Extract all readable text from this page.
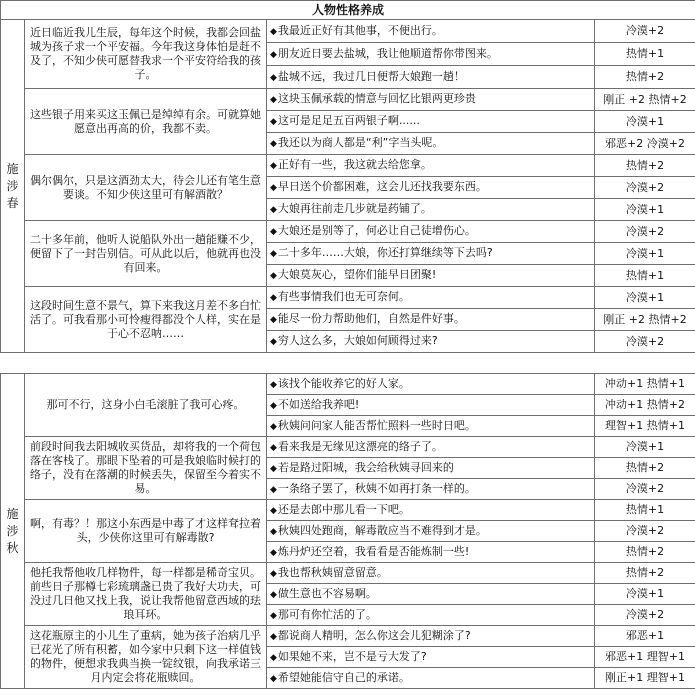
人物性格养成			
施涉春	近日临近我儿生辰，每年这个时候，我都会回盐城为孩子求一个平安福。今年我这身体怕是赶不及了，不知少侠可愿替我求一个平安符给我的孩子。	◆我最近正好有其他事，不便出行。	冷漠+2
		◆朋友近日要去盐城，我让他顺道帮你带图来。	热情+1
		◆盐城不远，我过几日便帮大娘跑一趟！	热情+2
	这些银子用来买这玉佩已是绰绰有余。可就算她愿意出再高的价，我都不卖。	◆这块玉佩承载的情意与回忆比银两更珍贵	刚正 +2 热情+2
		◆这可是足足五百两银子啊......	冷漠+1
		◆我还以为商人都是“利”字当头呢。	邪恶+2 冷漠+2
	偶尔偶尔，只是这酒劲太大，待会儿还有笔生意要谈。不知少侠这里可有解酒散？	◆正好有一些，我这就去给您拿。	热情+2
		◆早日送个价都困难，这会儿还找我要东西。	冷漠+2
		◆大娘再往前走几步就是药铺了。	冷漠+1
	二十多年前，他听人说船队外出一趟能赚不少，便留下了一封告别信。可从此以后，他就再也没有回来。	◆大娘还是别等了，何必让自己徒增伤心。	冷漠+2
		◆二十多年……大娘，你还打算继续等下去吗?	冷漠+1
		◆大娘莫灰心，望你们能早日团聚!	热情+1
	这段时间生意不景气，算下来我这月差不多白忙活了。可我看那小可怜瘦得都没个人样，实在是于心不忍呐……	◆有些事情我们也无可奈何。	冷漠+1
		◆能尽一份力帮助他们，自然是件好事。	刚正 +2 热情+2
		◆穷人这么多，大娘如何顾得过来?	冷漠+2
施涉秋	那可不行，这身小白毛滚脏了我可心疼。	◆该找个能收养它的好人家。	冲动+1 热情+1
		◆不如送给我养吧!	冲动+1 热情+2
		◆秋姨问问家人能否帮忙照料一些时日吧。	理智+1 热情+1
	前段时间我去阳城收买货品，却将我的一个荷包落在客栈了。那眼下坠着的可是我娘临时候打的络子，没有在落潮的时候丢失，保留至今着实不易。	◆看来我是无缘见这漂亮的络子了。	冷漠+1
		◆若是路过阳城，我会给秋姨寻回来的	热情+2
		◆一条络子罢了，秋姨不如再打条一样的。	冷漠+2
	啊，有毒？！那这小东西是中毒了才这样耷拉着头，少侠你这里可有解毒散?	◆还是去郎中那儿看一下吧。	热情+1
		◆秋姨四处跑商，解毒散应当不难得到才是。	冷漠+2
		◆炼丹炉还空着，我看看是否能炼制一些!	热情+2
	他托我帮他收几样物件，每一样都是稀奇宝贝。前些日子那樽七彩琉璃盏已贵了我好大功夫，可没过几日他又找上我，说让我帮他留意西域的珐琅耳环。	◆我也帮秋姨留意留意。	热情+2
		◆做生意也不容易啊。	冷漠+1
		◆那可有你忙活的了。	冷漠+2
	这花瓶原主的小儿生了重病，她为孩子治病几乎已花光了所有积蓄，如今家中只剩下这一样值钱的物件，便想求我典当换一锭纹银，向我承诺三月内定会将花瓶赎回。	◆都说商人精明，怎么你这会儿犯糊涂了?	邪恶+1
		◆如果她不来，岂不是亏大发了?	邪恶+1 理智+1
		◆希望她能信守自己的承诺。	刚正+1 理智+1
